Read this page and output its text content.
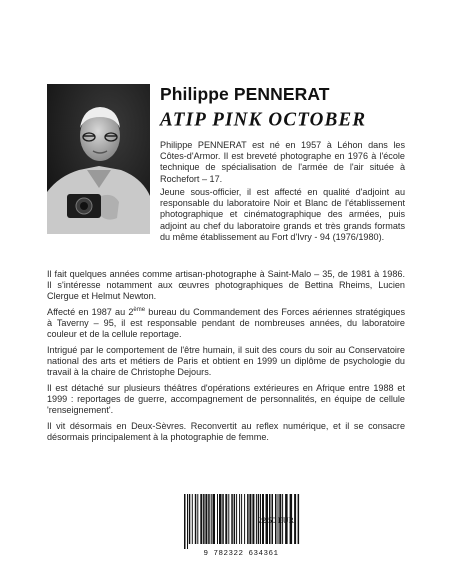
Philippe PENNERAT
ATIP PINK OCTOBER

Philippe PENNERAT est né en 1957 à Léhon dans les Côtes-d'Armor. Il est breveté photographe en 1976 à l'école technique de spécialisation de l'armée de l'air située à Rochefort – 17.

Jeune sous-officier, il est affecté en qualité d'adjoint au responsable du laboratoire Noir et Blanc de l'établissement photographique et cinématographique des armées, puis adjoint au chef du laboratoire grands et très grands formats du même établissement au Fort d'Ivry - 94 (1976/1980).

Il fait quelques années comme artisan-photographe à Saint-Malo – 35, de 1981 à 1986. Il s'intéresse notamment aux œuvres photographiques de Bettina Rheims, Lucien Clergue et Helmut Newton.

Affecté en 1987 au 2ème bureau du Commandement des Forces aériennes stratégiques à Taverny – 95, il est responsable pendant de nombreuses années, du laboratoire couleur et de la cellule reportage.

Intrigué par le comportement de l'être humain, il suit des cours du soir au Conservatoire national des arts et métiers de Paris et obtient en 1999 un diplôme de psychologie du travail à la chaire de Christophe Dejours.

Il est détaché sur plusieurs théâtres d'opérations extérieures en Afrique entre 1988 et 1999 : reportages de guerre, accompagnement de personnalités, en équipe de cellule 'renseignement'.

Il vit désormais en Deux-Sèvres. Reconvertit au reflex numérique, et il se consacre désormais principalement à la photographie de femme.

9 782322 634361
22.50 EUR
